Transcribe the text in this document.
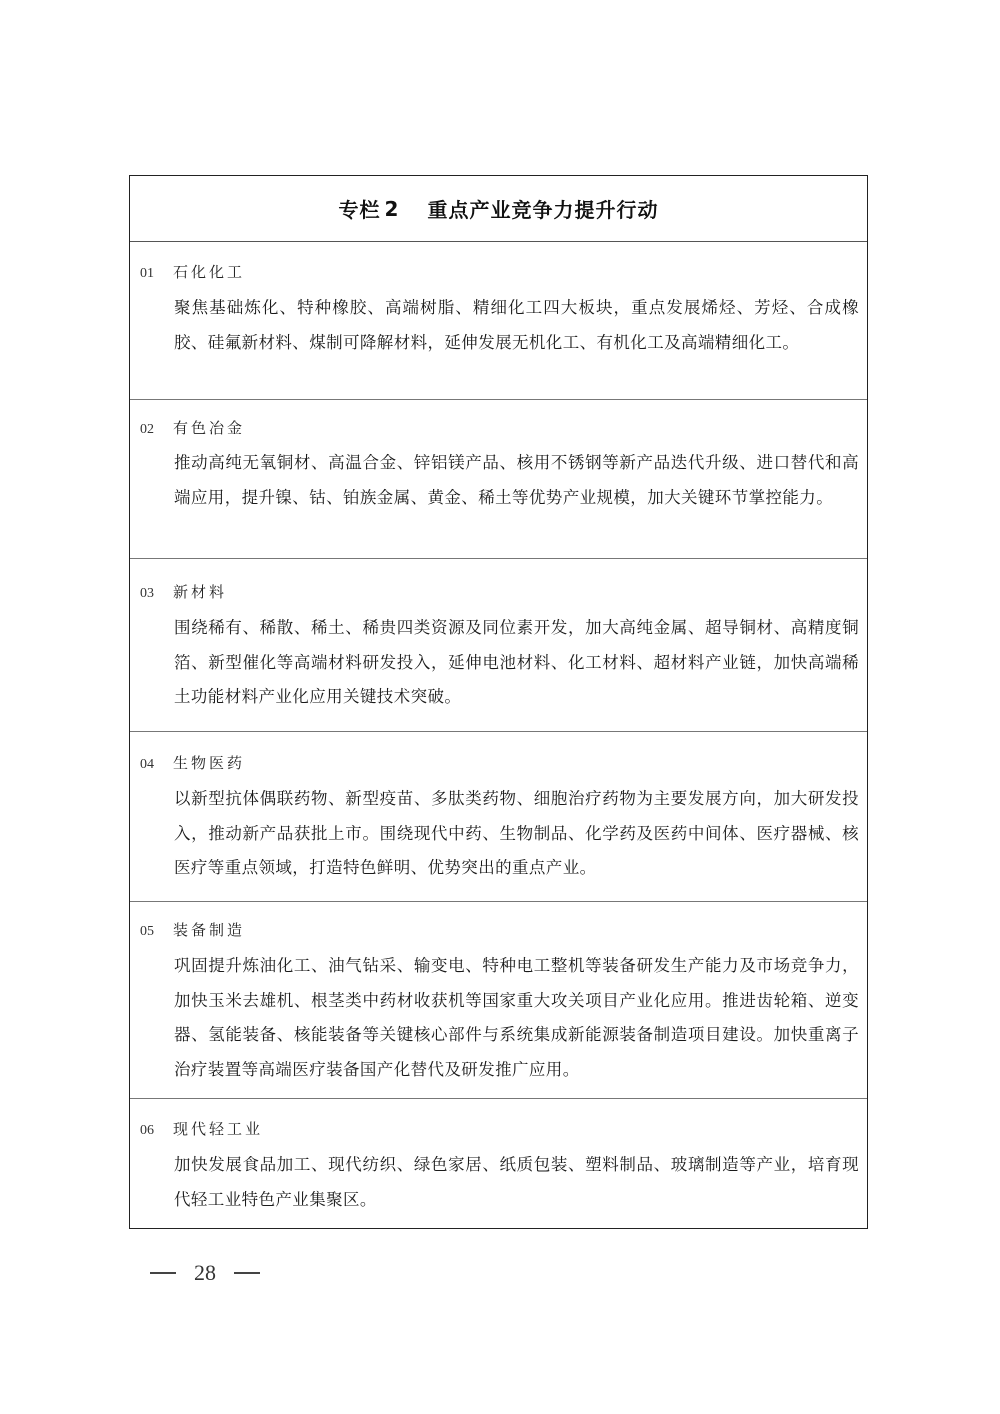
专栏 2 重点产业竞争力提升行动
01	石化化工
聚焦基础炼化、特种橡胶、高端树脂、精细化工四大板块，重点发展烯烃、芳烃、合成橡胶、硅氟新材料、煤制可降解材料，延伸发展无机化工、有机化工及高端精细化工。
02	有色冶金
推动高纯无氧铜材、高温合金、锌铝镁产品、核用不锈钢等新产品迭代升级、进口替代和高端应用，提升镍、钴、铂族金属、黄金、稀土等优势产业规模，加大关键环节掌控能力。
03	新材料
围绕稀有、稀散、稀土、稀贵四类资源及同位素开发，加大高纯金属、超导铜材、高精度铜箔、新型催化等高端材料研发投入，延伸电池材料、化工材料、超材料产业链，加快高端稀土功能材料产业化应用关键技术突破。
04	生物医药
以新型抗体偶联药物、新型疫苗、多肽类药物、细胞治疗药物为主要发展方向，加大研发投入，推动新产品获批上市。围绕现代中药、生物制品、化学药及医药中间体、医疗器械、核医疗等重点领域，打造特色鲜明、优势突出的重点产业。
05	装备制造
巩固提升炼油化工、油气钻采、输变电、特种电工整机等装备研发生产能力及市场竞争力，加快玉米去雄机、根茎类中药材收获机等国家重大攻关项目产业化应用。推进齿轮箱、逆变器、氢能装备、核能装备等关键核心部件与系统集成新能源装备制造项目建设。加快重离子治疗装置等高端医疗装备国产化替代及研发推广应用。
06	现代轻工业
加快发展食品加工、现代纺织、绿色家居、纸质包装、塑料制品、玻璃制造等产业，培育现代轻工业特色产业集聚区。
28
